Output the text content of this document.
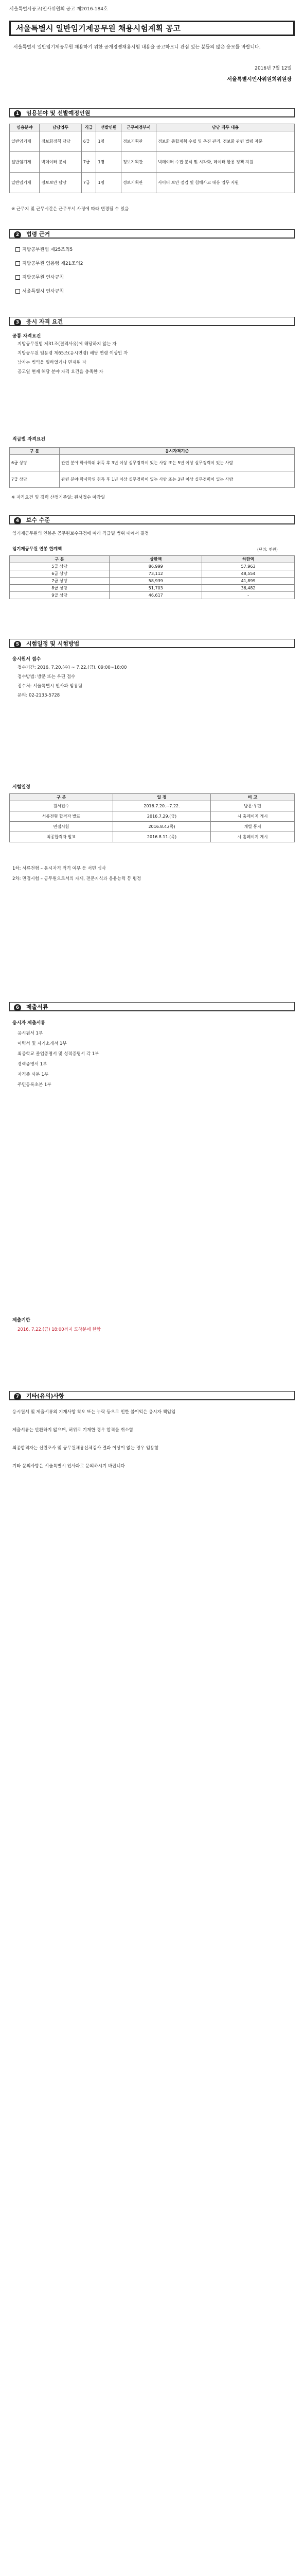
서울특별시공고(인사위원회 공고 제2016-184호
서울특별시 일반임기제공무원 채용시험계획 공고
서울특별시 일반임기제공무원 채용하기 위한 공개경쟁채용시험 내용을 공고하오니 관심 있는 분들의 많은 응모를 바랍니다.
2016년 7월 12일
서울특별시인사위원회위원장
1 임용분야 및 선발예정인원
임용분야	담당업무	직급	선발인원	근무예정부서	담당 직무 내용
일반임기제	정보화정책 담당	6급	1명	정보기획관	정보화 종합계획 수립 및 추진 관리, 정보화 관련 법령 자문
일반임기제	빅데이터 분석	7급	1명	정보기획관	빅데이터 수집·분석 및 시각화, 데이터 활용 정책 지원
일반임기제	정보보안 담당	7급	1명	정보기획관	사이버 보안 점검 및 침해사고 대응 업무 지원
※ 근무지 및 근무시간은 근무부서 사정에 따라 변경될 수 있음
2 법령 근거
지방공무원법 제25조의5
지방공무원 임용령 제21조의2
지방공무원 인사규칙
서울특별시 인사규칙
3 응시 자격 요건
공통 자격요건
지방공무원법 제31조(결격사유)에 해당하지 않는 자
지방공무원 임용령 제65조(응시연령) 해당 연령 이상인 자
남자는 병역을 필하였거나 면제된 자
공고일 현재 해당 분야 자격 요건을 충족한 자
직급별 자격요건
구 분	응시자격기준
6급 상당	관련 분야 학사학위 취득 후 3년 이상 실무경력이 있는 사람 또는 5년 이상 실무경력이 있는 사람
7급 상당	관련 분야 학사학위 취득 후 1년 이상 실무경력이 있는 사람 또는 3년 이상 실무경력이 있는 사람
※ 자격요건 및 경력 산정기준일: 원서접수 마감일
4 보수 수준
임기제공무원의 연봉은 공무원보수규정에 따라 직급별 범위 내에서 결정
임기제공무원 연봉 한계액	(단위: 천원)
구 분	상한액	하한액
5급 상당	86,999	57,963
6급 상당	73,112	48,554
7급 상당	58,939	41,899
8급 상당	51,703	36,482
9급 상당	46,617	-
5 시험일정 및 시험방법
응시원서 접수
접수기간: 2016. 7.20.(수) ~ 7.22.(금), 09:00~18:00
접수방법: 방문 또는 우편 접수
접수처: 서울특별시 인사과 임용팀
문의: 02-2133-5728
시험일정
구 분	일 정	비 고
원서접수	2016.7.20.~7.22.	방문·우편
서류전형 합격자 발표	2016.7.29.(금)	시 홈페이지 게시
면접시험	2016.8.4.(목)	개별 통지
최종합격자 발표	2016.8.11.(목)	시 홈페이지 게시
1차: 서류전형 – 응시자격 적격 여부 등 서면 심사
2차: 면접시험 – 공무원으로서의 자세, 전문지식과 응용능력 등 평정
6 제출서류
응시자 제출서류
응시원서 1부
이력서 및 자기소개서 1부
최종학교 졸업증명서 및 성적증명서 각 1부
경력증명서 1부
자격증 사본 1부
주민등록초본 1부
제출기한
2016. 7.22.(금) 18:00까지 도착분에 한함
7 기타(유의)사항
응시원서 및 제출서류의 기재사항 착오 또는 누락 등으로 인한 불이익은 응시자 책임임
제출서류는 반환하지 않으며, 허위로 기재한 경우 합격을 취소함
최종합격자는 신원조사 및 공무원채용신체검사 결과 이상이 없는 경우 임용함
기타 문의사항은 서울특별시 인사과로 문의하시기 바랍니다
